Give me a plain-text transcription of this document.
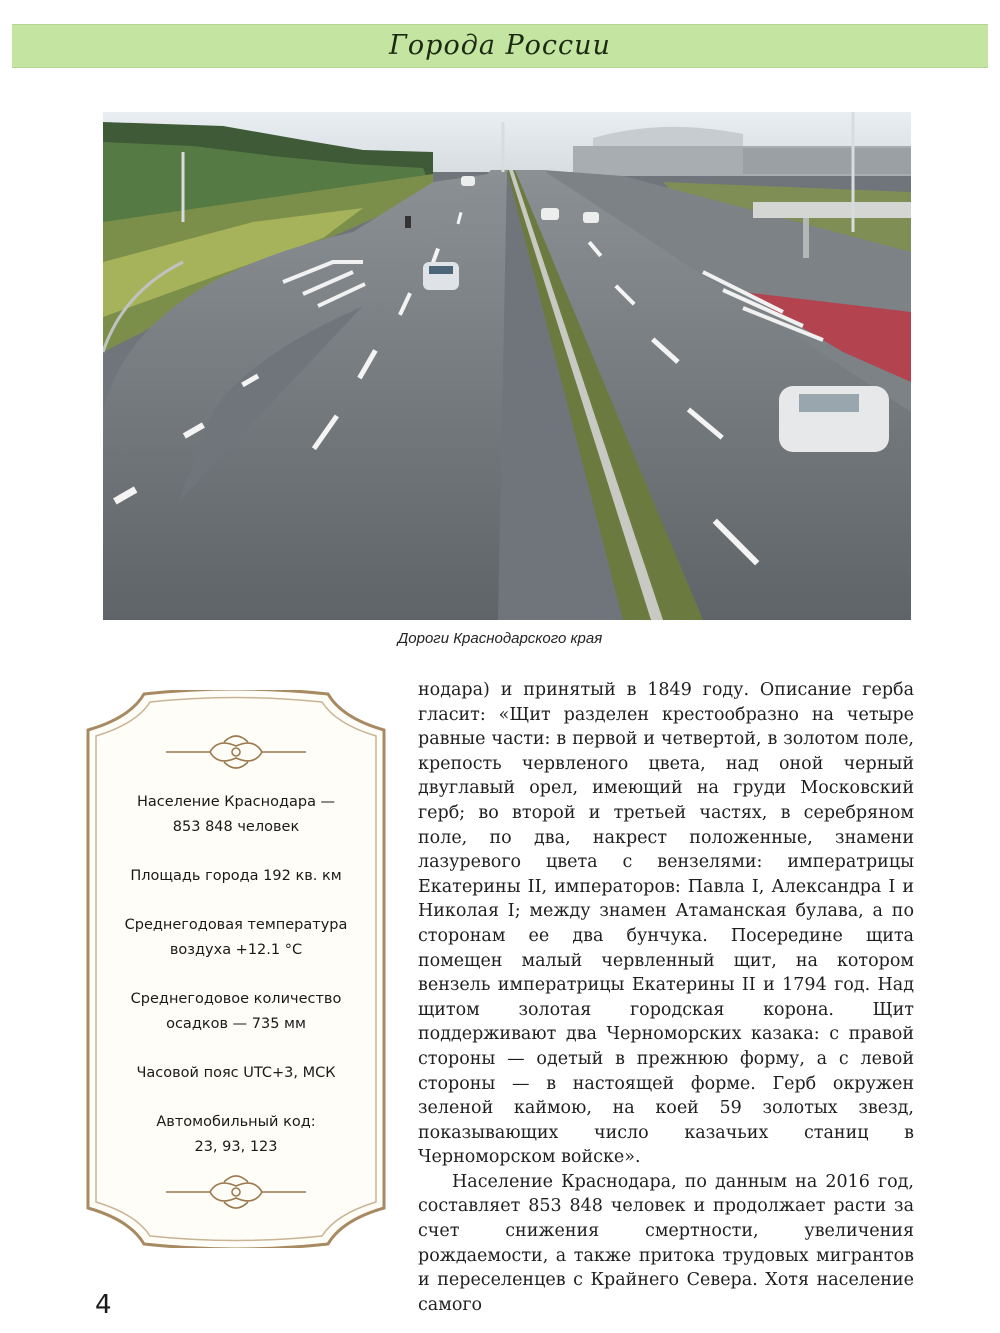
Города России
Дороги Краснодарского края
Население Краснодара —
853 848 человек
Площадь города 192 кв. км
Среднегодовая температура
воздуха +12.1 °С
Среднегодовое количество
осадков — 735 мм
Часовой пояс UTC+3, МСК
Автомобильный код:
23, 93, 123

нодара) и принятый в 1849 году. Описание герба гласит: «Щит разделен крестообразно на четыре равные части: в первой и четвертой, в золотом поле, крепость червленого цвета, над оной черный двуглавый орел, имеющий на груди Московский герб; во второй и третьей частях, в серебряном поле, по два, накрест положенные, знамени лазуревого цвета с вензелями: императрицы Екатерины II, императоров: Павла I, Александра I и Николая I; между знамен Атаманская булава, а по сторонам ее два бунчука. Посередине щита помещен малый червленный щит, на котором вензель императрицы Екатерины II и 1794 год. Над щитом золотая городская корона. Щит поддерживают два Черноморских казака: с правой стороны — одетый в прежнюю форму, а с левой стороны — в настоящей форме. Герб окружен зеленой каймою, на коей 59 золотых звезд, показывающих число казачьих станиц в Черноморском войске».

Население Краснодара, по данным на 2016 год, составляет 853 848 человек и продолжает расти за счет снижения смертности, увеличения рождаемости, а также притока трудовых мигрантов и переселенцев с Крайнего Севера. Хотя население самого

4
